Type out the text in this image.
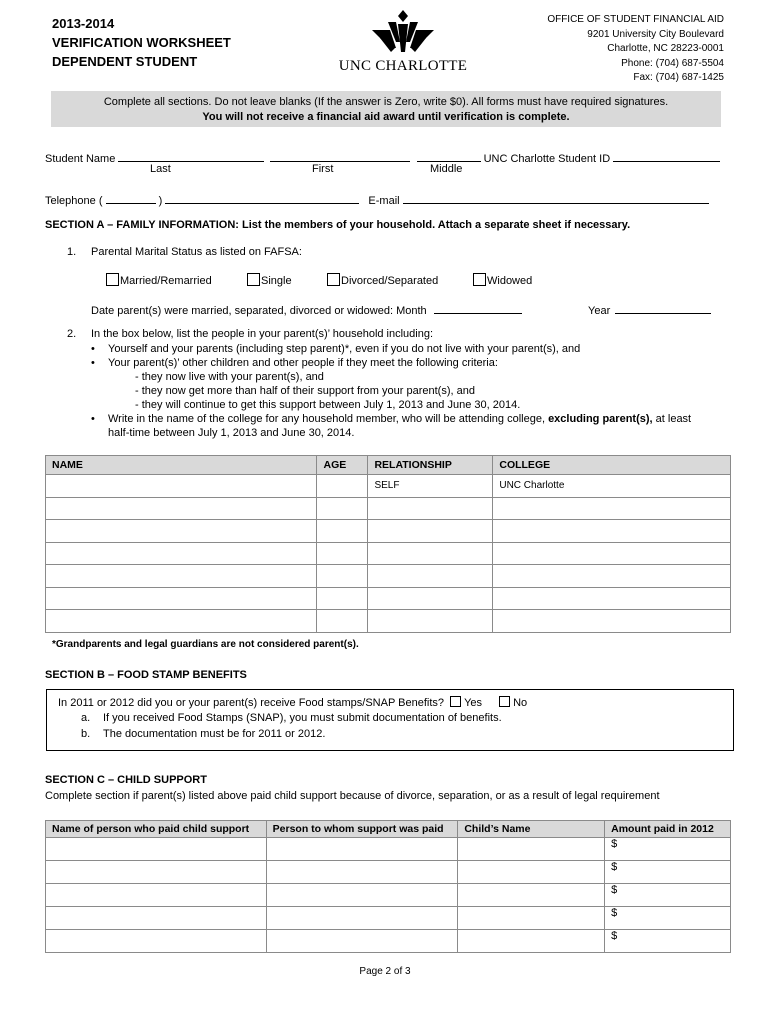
2013-2014
VERIFICATION WORKSHEET
DEPENDENT STUDENT	UNC CHARLOTTE
OFFICE OF STUDENT FINANCIAL AID
9201 University City Boulevard
Charlotte, NC 28223-0001
Phone: (704) 687-5504
Fax: (704) 687-1425
Complete all sections. Do not leave blanks (If the answer is Zero, write $0). All forms must have required signatures.
You will not receive a financial aid award until verification is complete.
Student Name	UNC Charlotte Student ID
Last	First	Middle
Telephone (	)	E-mail
SECTION A – FAMILY INFORMATION: List the members of your household. Attach a separate sheet if necessary.
1. Parental Marital Status as listed on FAFSA:
Married/Remarried	Single	Divorced/Separated	Widowed
Date parent(s) were married, separated, divorced or widowed: Month	Year
2. In the box below, list the people in your parent(s)’ household including:
• Yourself and your parents (including step parent)*, even if you do not live with your parent(s), and
• Your parent(s)’ other children and other people if they meet the following criteria:
- they now live with your parent(s), and
- they now get more than half of their support from your parent(s), and
- they will continue to get this support between July 1, 2013 and June 30, 2014.
• Write in the name of the college for any household member, who will be attending college, excluding parent(s), at least
half-time between July 1, 2013 and June 30, 2014.
NAME	AGE	RELATIONSHIP	COLLEGE
		SELF	UNC Charlotte

*Grandparents and legal guardians are not considered parent(s).
SECTION B – FOOD STAMP BENEFITS
In 2011 or 2012 did you or your parent(s) receive Food stamps/SNAP Benefits? Yes	No
a. If you received Food Stamps (SNAP), you must submit documentation of benefits.
b. The documentation must be for 2011 or 2012.
SECTION C – CHILD SUPPORT
Complete section if parent(s) listed above paid child support because of divorce, separation, or as a result of legal requirement
Name of person who paid child support	Person to whom support was paid	Child’s Name	Amount paid in 2012
			$
			$
			$
			$
			$
Page 2 of 3
